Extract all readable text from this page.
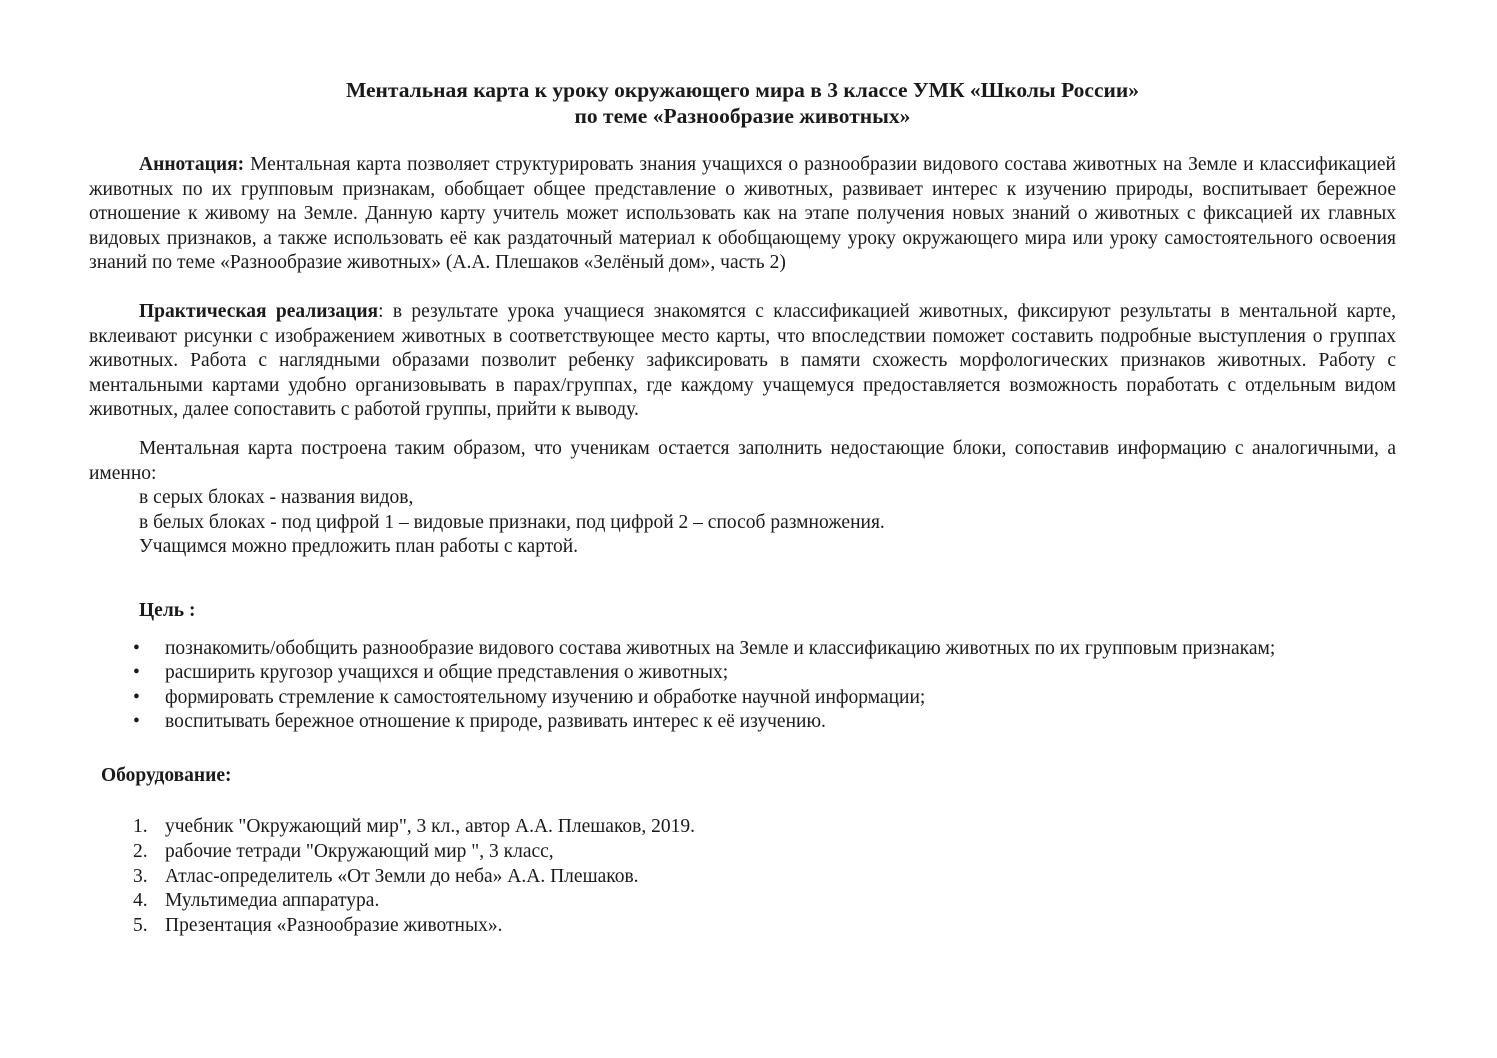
Ментальная карта к уроку окружающего мира в 3 классе УМК «Школы России»
по теме «Разнообразие животных»

Аннотация: Ментальная карта позволяет структурировать знания учащихся о разнообразии видового состава животных на Земле и классификацией животных по их групповым признакам, обобщает общее представление о животных, развивает интерес к изучению природы, воспитывает бережное отношение к живому на Земле. Данную карту учитель может использовать как на этапе получения новых знаний о животных с фиксацией их главных видовых признаков, а также использовать её как раздаточный материал к обобщающему уроку окружающего мира или уроку самостоятельного освоения знаний по теме «Разнообразие животных» (А.А. Плешаков «Зелёный дом», часть 2)

Практическая реализация: в результате урока учащиеся знакомятся с классификацией животных, фиксируют результаты в ментальной карте, вклеивают рисунки с изображением животных в соответствующее место карты, что впоследствии поможет составить подробные выступления о группах животных. Работа с наглядными образами позволит ребенку зафиксировать в памяти схожесть морфологических признаков животных. Работу с ментальными картами удобно организовывать в парах/группах, где каждому учащемуся предоставляется возможность поработать с отдельным видом животных, далее сопоставить с работой группы, прийти к выводу.

Ментальная карта построена таким образом, что ученикам остается заполнить недостающие блоки, сопоставив информацию с аналогичными, а именно:

в серых блоках - названия видов,
в белых блоках - под цифрой 1 – видовые признаки, под цифрой 2 – способ размножения.
Учащимся можно предложить план работы с картой.
Цель :
• познакомить/обобщить разнообразие видового состава животных на Земле и классификацию животных по их групповым признакам;
• расширить кругозор учащихся и общие представления о животных;
• формировать стремление к самостоятельному изучению и обработке научной информации;
• воспитывать бережное отношение к природе, развивать интерес к её изучению.
Оборудование:
1. учебник "Окружающий мир", 3 кл., автор А.А. Плешаков, 2019.
2. рабочие тетради "Окружающий мир ", 3 класс,
3. Атлас-определитель «От Земли до неба» А.А. Плешаков.
4. Мультимедиа аппаратура.
5. Презентация «Разнообразие животных».
